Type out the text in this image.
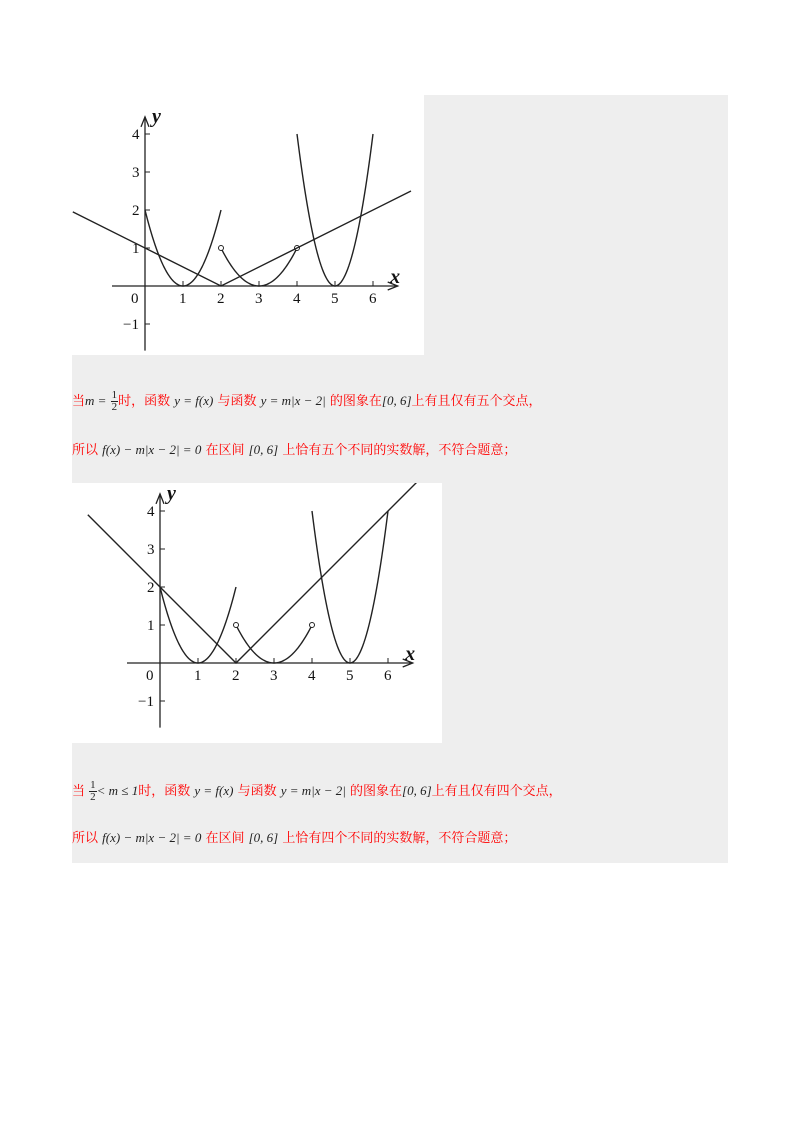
0	1 2 3 4 5 6
4
3
2
1
−1
x
y
当$m = \frac{1}{2}$ 时，函数 y = f(x) 与函数 y = m|x − 2| 的图象在[0, 6]上有且仅有五个交点，
所以 f(x) − m|x − 2| = 0 在区间 [0, 6] 上恰有五个不同的实数解，不符合题意；
0	1 2 3 4 5 6
4
3
2
1
−1
x
y
当 $\frac{1}{2} < m \le 1$时，函数 y = f(x) 与函数 y = m|x − 2| 的图象在[0, 6]上有且仅有四个交点，
所以 f(x) − m|x − 2| = 0 在区间 [0, 6] 上恰有四个不同的实数解，不符合题意；
